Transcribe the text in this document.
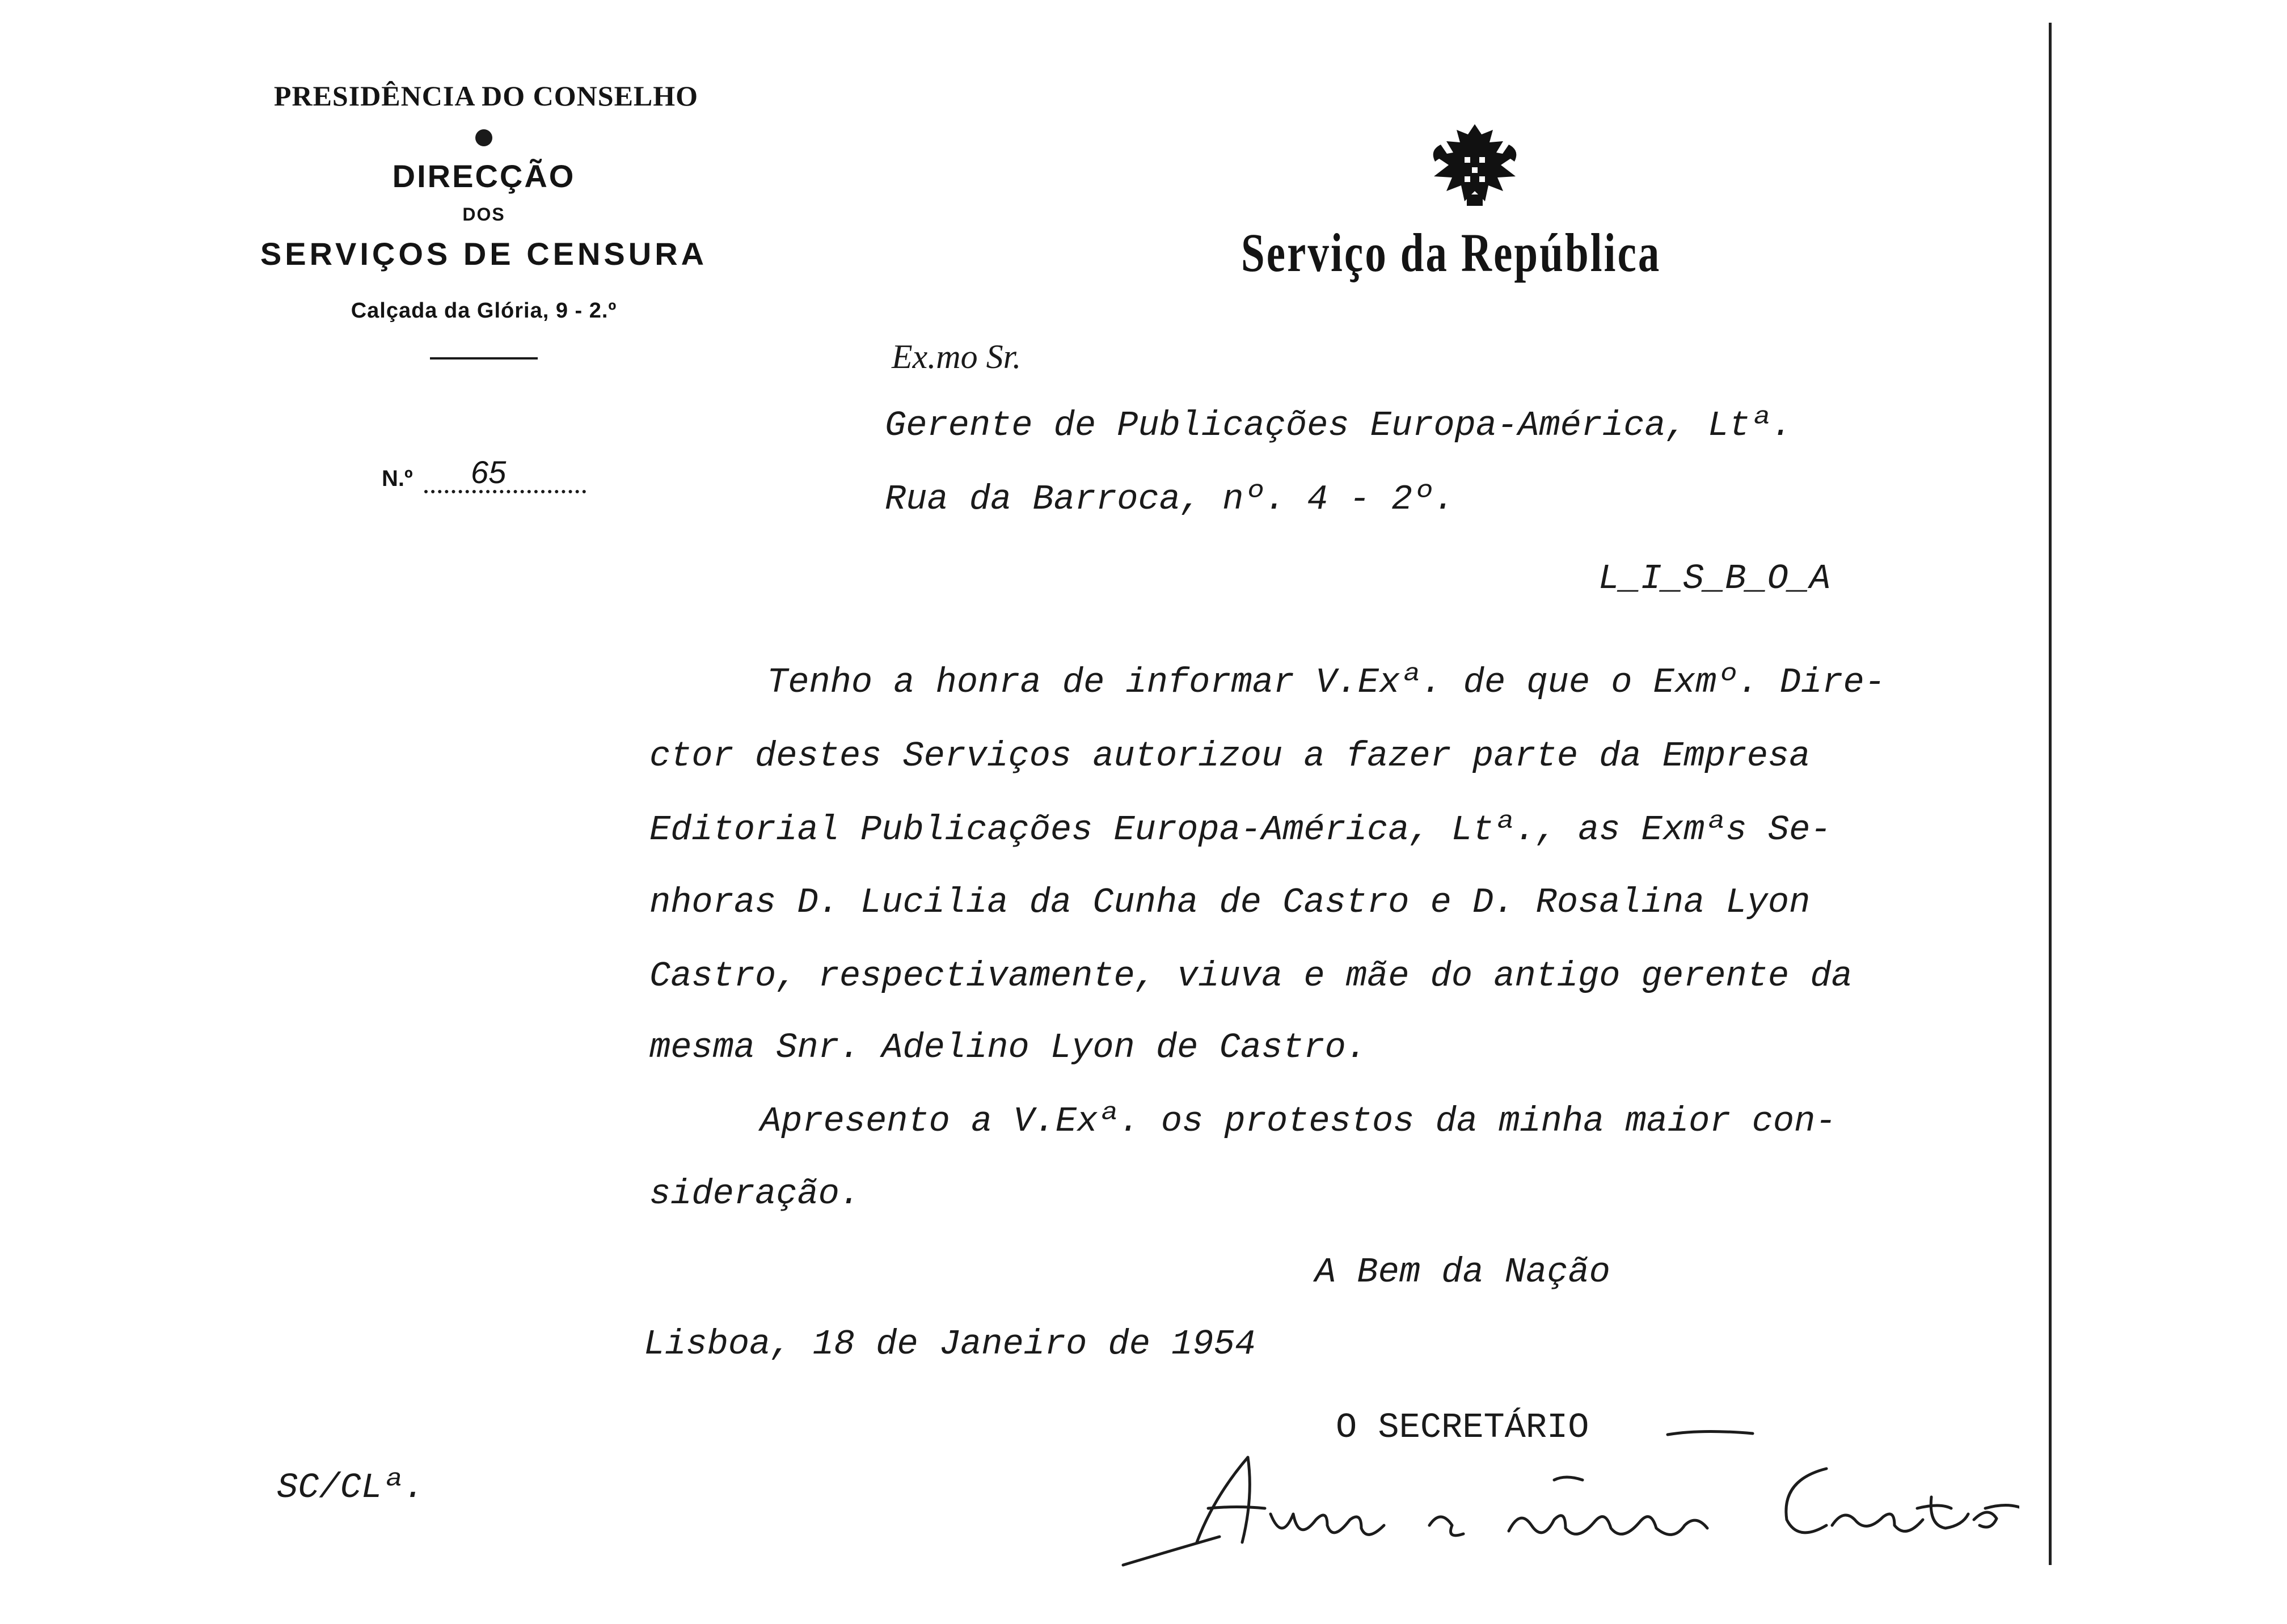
PRESIDÊNCIA DO CONSELHO
DIRECÇÃO
DOS
SERVIÇOS DE CENSURA
Calçada da Glória, 9 - 2.º
N.º 65
Serviço da República
Ex.mo Sr.
Gerente de Publicações Europa-América, Ltª.
Rua da Barroca, nº. 4 - 2º.
L_I_S_B_O_A
Tenho a honra de informar V.Exª. de que o Exmº. Dire-
ctor destes Serviços autorizou a fazer parte da Empresa
Editorial Publicações Europa-América, Ltª., as Exmªs Se-
nhoras D. Lucilia da Cunha de Castro e D. Rosalina Lyon
Castro, respectivamente, viuva e mãe do antigo gerente da
mesma Snr. Adelino Lyon de Castro.
Apresento a V.Exª. os protestos da minha maior con-
sideração.
A Bem da Nação
Lisboa, 18 de Janeiro de 1954
O SECRETÁRIO
SC/CLª.
